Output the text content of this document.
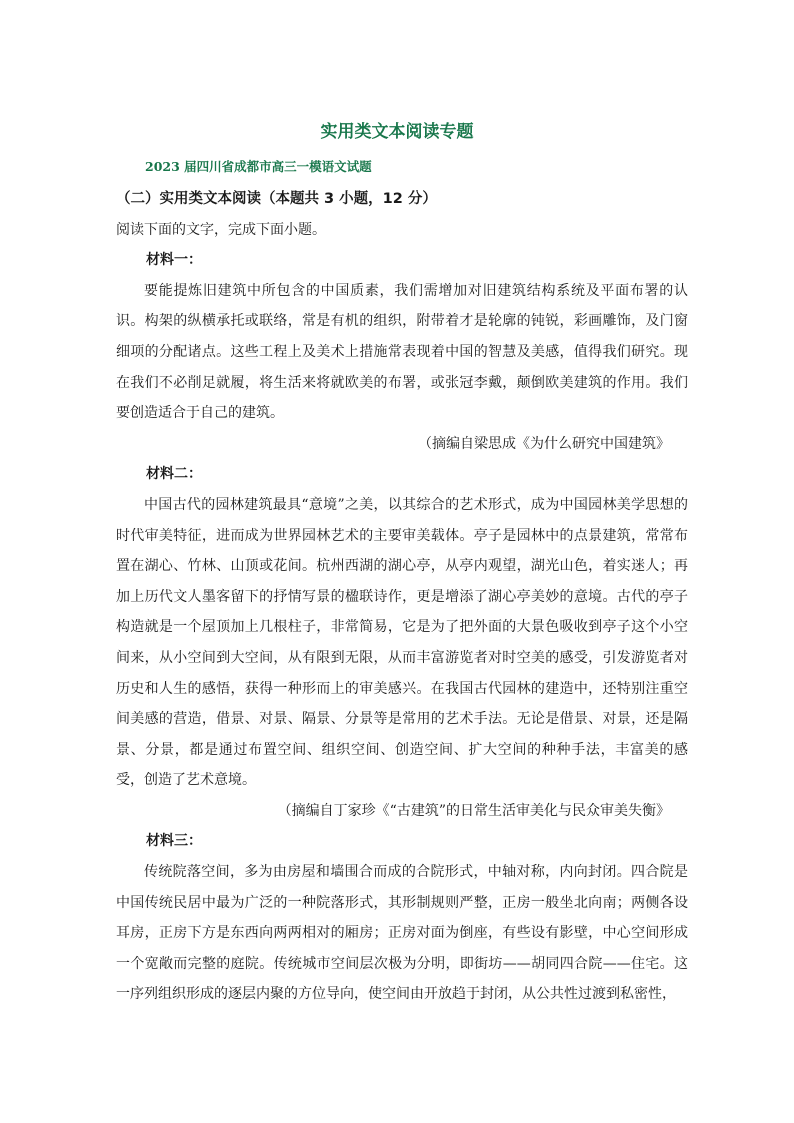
实用类文本阅读专题
2023 届四川省成都市高三一模语文试题

（二）实用类文本阅读（本题共 3 小题，12 分）

阅读下面的文字，完成下面小题。

材料一：

要能提炼旧建筑中所包含的中国质素，我们需增加对旧建筑结构系统及平面布署的认识。构架的纵横承托或联络，常是有机的组织，附带着才是轮廓的钝锐，彩画雕饰，及门窗细项的分配诸点。这些工程上及美术上措施常表现着中国的智慧及美感，值得我们研究。现在我们不必削足就履，将生活来将就欧美的布署，或张冠李戴，颠倒欧美建筑的作用。我们要创造适合于自己的建筑。

（摘编自梁思成《为什么研究中国建筑》

材料二：

中国古代的园林建筑最具“意境”之美，以其综合的艺术形式，成为中国园林美学思想的时代审美特征，进而成为世界园林艺术的主要审美载体。亭子是园林中的点景建筑，常常布置在湖心、竹林、山顶或花间。杭州西湖的湖心亭，从亭内观望，湖光山色，着实迷人；再加上历代文人墨客留下的抒情写景的楹联诗作，更是增添了湖心亭美妙的意境。古代的亭子构造就是一个屋顶加上几根柱子，非常简易，它是为了把外面的大景色吸收到亭子这个小空间来，从小空间到大空间，从有限到无限，从而丰富游览者对时空美的感受，引发游览者对历史和人生的感悟，获得一种形而上的审美感兴。在我国古代园林的建造中，还特别注重空间美感的营造，借景、对景、隔景、分景等是常用的艺术手法。无论是借景、对景，还是隔景、分景，都是通过布置空间、组织空间、创造空间、扩大空间的种种手法，丰富美的感受，创造了艺术意境。

（摘编自丁家珍《“古建筑”的日常生活审美化与民众审美失衡》

材料三：

传统院落空间，多为由房屋和墙围合而成的合院形式，中轴对称，内向封闭。四合院是中国传统民居中最为广泛的一种院落形式，其形制规则严整，正房一般坐北向南；两侧各设耳房，正房下方是东西向两两相对的厢房；正房对面为倒座，有些设有影壁，中心空间形成一个宽敞而完整的庭院。传统城市空间层次极为分明，即街坊——胡同四合院——住宅。这一序列组织形成的逐层内聚的方位导向，使空间由开放趋于封闭，从公共性过渡到私密性，
